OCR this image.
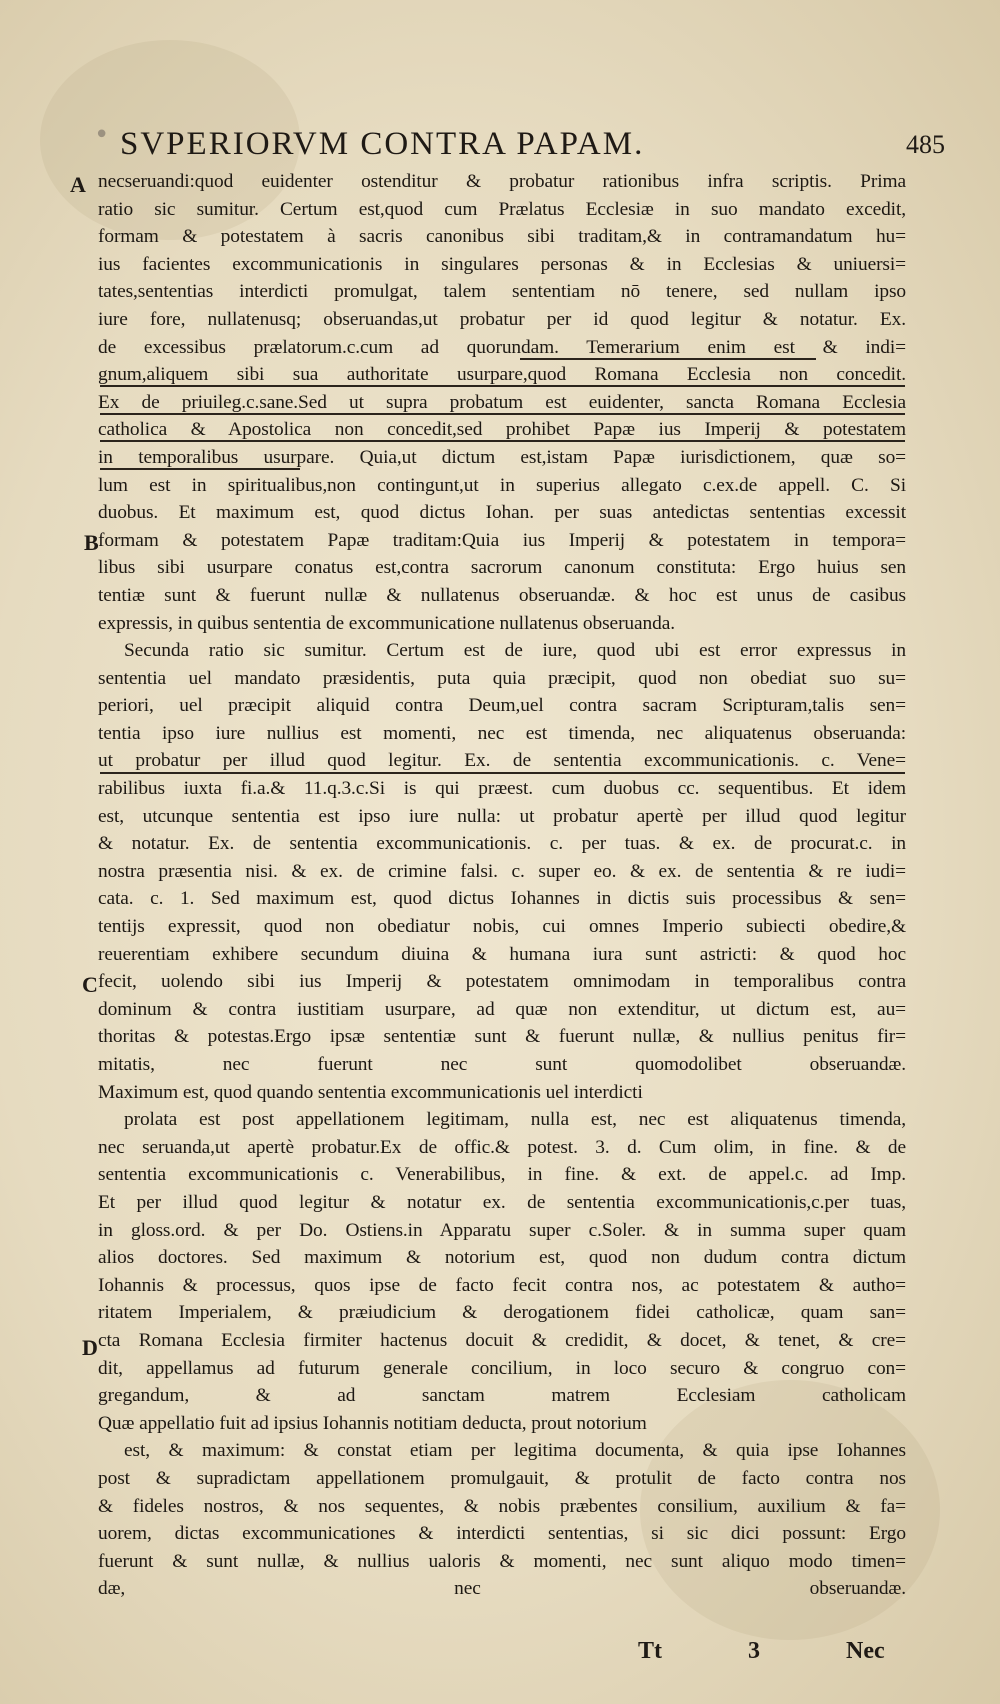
• SVPERIORVM CONTRA PAPAM.	485
A
B
C
D
necseruandi:quod euidenter ostenditur & probatur rationibus infra scriptis. Prima
ratio sic sumitur. Certum est,quod cum Prælatus Ecclesiæ in suo mandato excedit,
formam & potestatem à sacris canonibus sibi traditam,& in contramandatum hu=
ius facientes excommunicationis in singulares personas & in Ecclesias & uniuersi=
tates,sententias interdicti promulgat, talem sententiam nō tenere, sed nullam ipso
iure fore, nullatenusq; obseruandas,ut probatur per id quod legitur & notatur. Ex.
de excessibus prælatorum.c.cum ad quorundam. Temerarium enim est & indi=
gnum,aliquem sibi sua authoritate usurpare,quod Romana Ecclesia non concedit.
Ex de priuileg.c.sane.Sed ut supra probatum est euidenter, sancta Romana Ecclesia
catholica & Apostolica non concedit,sed prohibet Papæ ius Imperij & potestatem
in temporalibus usurpare. Quia,ut dictum est,istam Papæ iurisdictionem, quæ so=
lum est in spiritualibus,non contingunt,ut in superius allegato c.ex.de appell. C. Si
duobus. Et maximum est, quod dictus Iohan. per suas antedictas sententias excessit
formam & potestatem Papæ traditam:Quia ius Imperij & potestatem in tempora=
libus sibi usurpare conatus est,contra sacrorum canonum constituta: Ergo huius sen
tentiæ sunt & fuerunt nullæ & nullatenus obseruandæ. & hoc est unus de casibus
expressis, in quibus sententia de excommunicatione nullatenus obseruanda.
Secunda ratio sic sumitur. Certum est de iure, quod ubi est error expressus in
sententia uel mandato præsidentis, puta quia præcipit, quod non obediat suo su=
periori, uel præcipit aliquid contra Deum,uel contra sacram Scripturam,talis sen=
tentia ipso iure nullius est momenti, nec est timenda, nec aliquatenus obseruanda:
ut probatur per illud quod legitur. Ex. de sententia excommunicationis. c. Vene=
rabilibus iuxta fi.a.& 11.q.3.c.Si is qui præest. cum duobus cc. sequentibus. Et idem
est, utcunque sententia est ipso iure nulla: ut probatur apertè per illud quod legitur
& notatur. Ex. de sententia excommunicationis. c. per tuas. & ex. de procurat.c. in
nostra præsentia nisi. & ex. de crimine falsi. c. super eo. & ex. de sententia & re iudi=
cata. c. 1. Sed maximum est, quod dictus Iohannes in dictis suis processibus & sen=
tentijs expressit, quod non obediatur nobis, cui omnes Imperio subiecti obedire,&
reuerentiam exhibere secundum diuina & humana iura sunt astricti: & quod hoc
fecit, uolendo sibi ius Imperij & potestatem omnimodam in temporalibus contra
dominum & contra iustitiam usurpare, ad quæ non extenditur, ut dictum est, au=
thoritas & potestas.Ergo ipsæ sententiæ sunt & fuerunt nullæ, & nullius penitus fir=
mitatis, nec fuerunt nec sunt quomodolibet obseruandæ.
Maximum est, quod quando sententia excommunicationis uel interdicti
prolata est post appellationem legitimam, nulla est, nec est aliquatenus timenda,
nec seruanda,ut apertè probatur.Ex de offic.& potest. 3. d. Cum olim, in fine. & de
sententia excommunicationis c. Venerabilibus, in fine. & ext. de appel.c. ad Imp.
Et per illud quod legitur & notatur ex. de sententia excommunicationis,c.per tuas,
in gloss.ord. & per Do. Ostiens.in Apparatu super c.Soler. & in summa super quam
alios doctores. Sed maximum & notorium est, quod non dudum contra dictum
Iohannis & processus, quos ipse de facto fecit contra nos, ac potestatem & autho=
ritatem Imperialem, & præiudicium & derogationem fidei catholicæ, quam san=
cta Romana Ecclesia firmiter hactenus docuit & credidit, & docet, & tenet, & cre=
dit, appellamus ad futurum generale concilium, in loco securo & congruo con=
gregandum, & ad sanctam matrem Ecclesiam catholicam
Quæ appellatio fuit ad ipsius Iohannis notitiam deducta, prout notorium
est, & maximum: & constat etiam per legitima documenta, & quia ipse Iohannes
post & supradictam appellationem promulgauit, & protulit de facto contra nos
& fideles nostros, & nos sequentes, & nobis præbentes consilium, auxilium & fa=
uorem, dictas excommunicationes & interdicti sententias, si sic dici possunt: Ergo
fuerunt & sunt nullæ, & nullius ualoris & momenti, nec sunt aliquo modo timen=
dæ, nec obseruandæ.
Tt	3	Nec
